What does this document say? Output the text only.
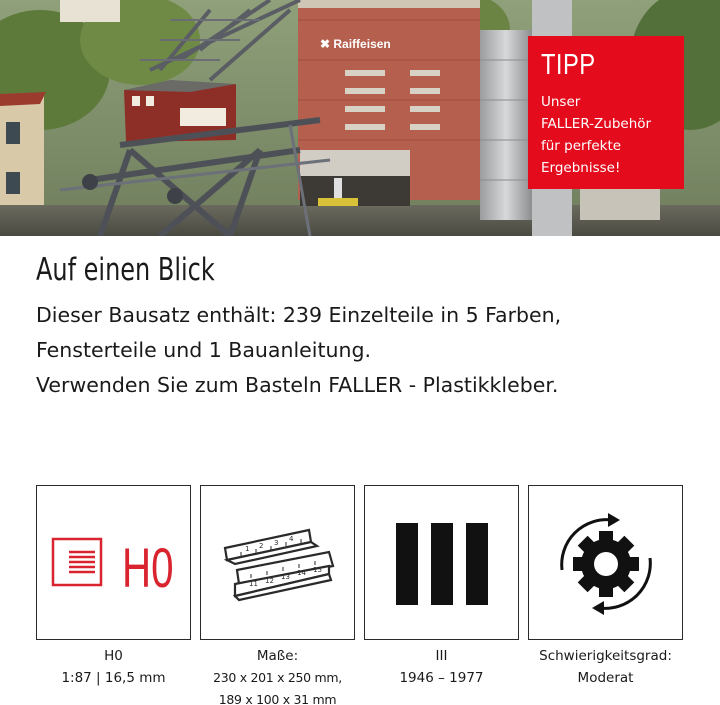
✖ Raiffeisen
TIPP
Unser
FALLER-Zubehör
für perfekte
Ergebnisse!
Auf einen Blick
Dieser Bausatz enthält: 239 Einzelteile in 5 Farben,
Fensterteile und 1 Bauanleitung.
Verwenden Sie zum Basteln FALLER - Plastikkleber.
H0	1 2 3 4
11 12 13 14 15
H0
1:87 | 16,5 mm
Maße:
230 x 201 x 250 mm,
189 x 100 x 31 mm
III
1946 – 1977
Schwierigkeitsgrad:
Moderat
